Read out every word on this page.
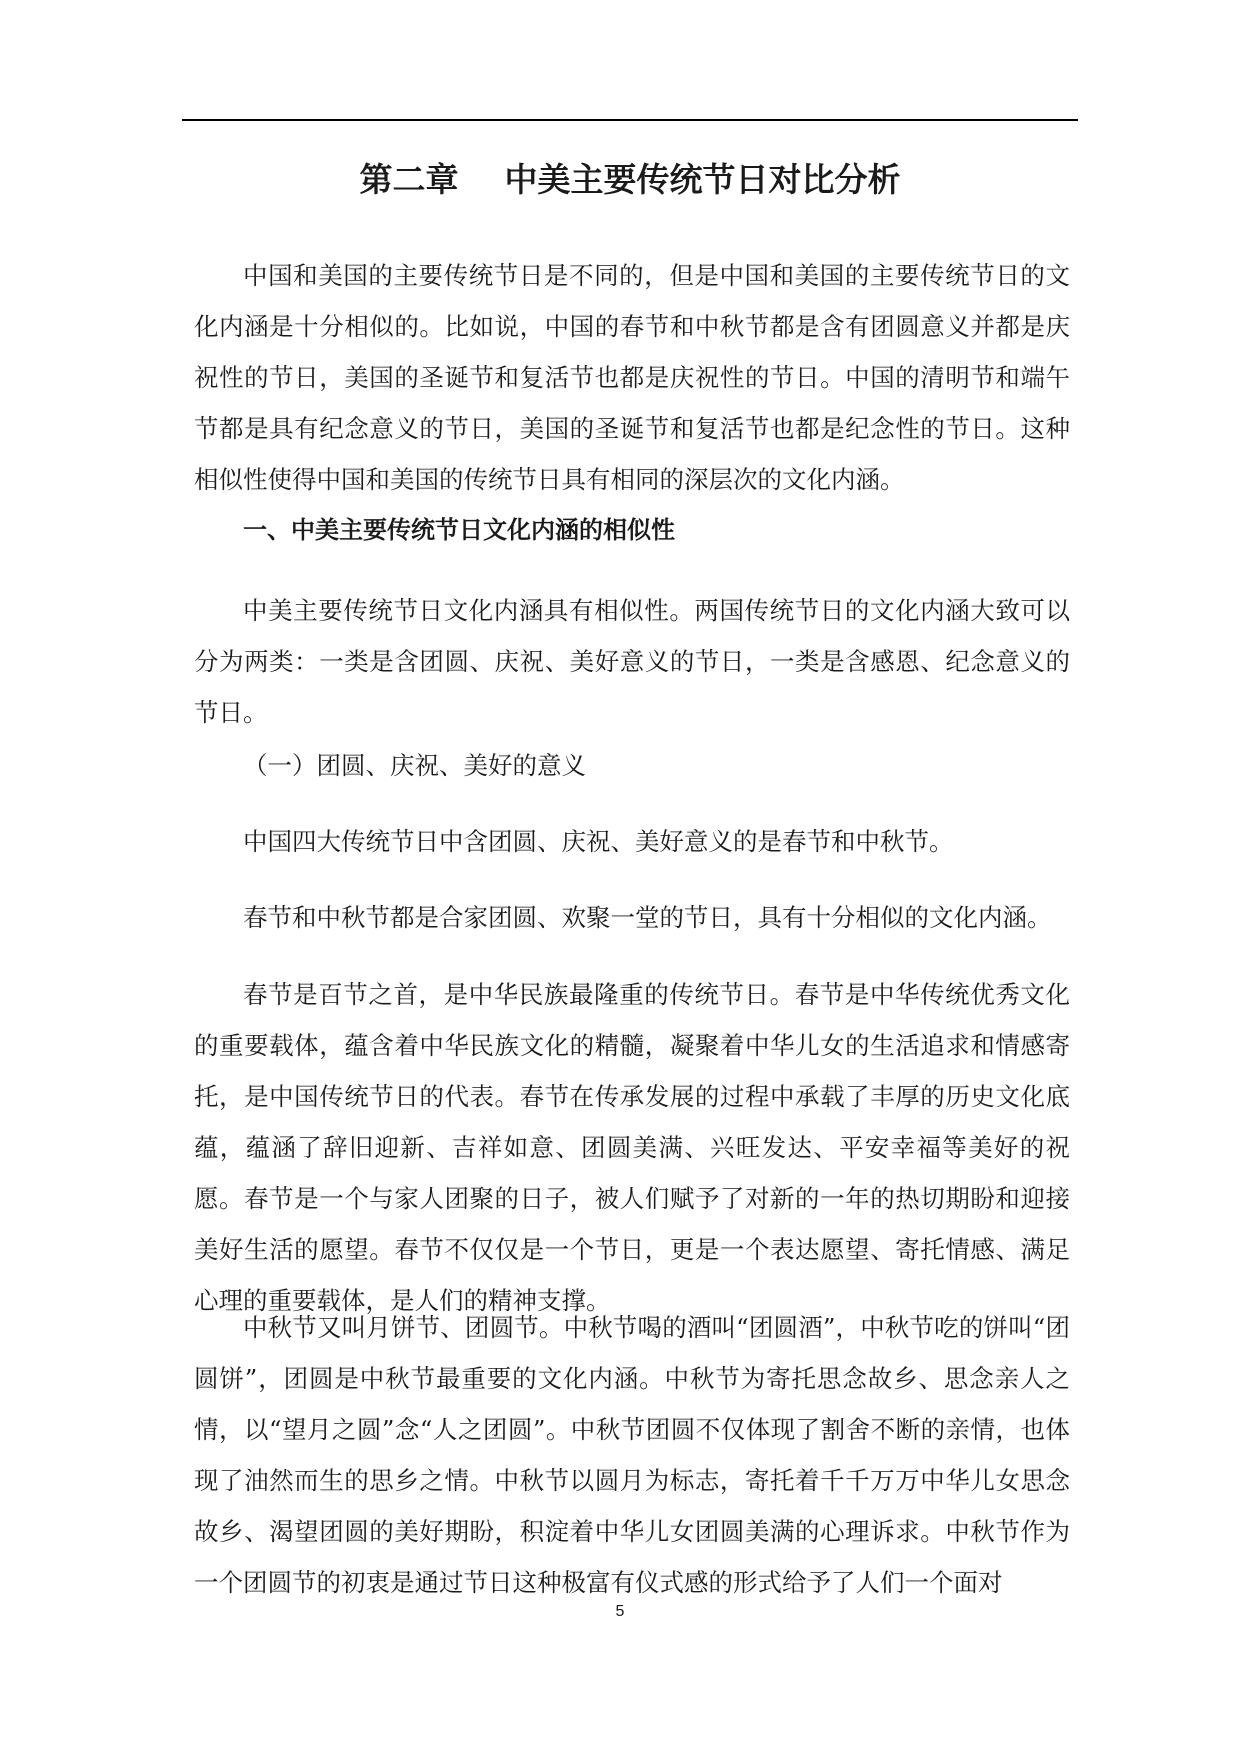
第二章    中美主要传统节日对比分析

中国和美国的主要传统节日是不同的，但是中国和美国的主要传统节日的文化内涵是十分相似的。比如说，中国的春节和中秋节都是含有团圆意义并都是庆祝性的节日，美国的圣诞节和复活节也都是庆祝性的节日。中国的清明节和端午节都是具有纪念意义的节日，美国的圣诞节和复活节也都是纪念性的节日。这种相似性使得中国和美国的传统节日具有相同的深层次的文化内涵。

一、中美主要传统节日文化内涵的相似性

中美主要传统节日文化内涵具有相似性。两国传统节日的文化内涵大致可以分为两类：一类是含团圆、庆祝、美好意义的节日，一类是含感恩、纪念意义的节日。

（一）团圆、庆祝、美好的意义

中国四大传统节日中含团圆、庆祝、美好意义的是春节和中秋节。

春节和中秋节都是合家团圆、欢聚一堂的节日，具有十分相似的文化内涵。

春节是百节之首，是中华民族最隆重的传统节日。春节是中华传统优秀文化的重要载体，蕴含着中华民族文化的精髓，凝聚着中华儿女的生活追求和情感寄托，是中国传统节日的代表。春节在传承发展的过程中承载了丰厚的历史文化底蕴，蕴涵了辞旧迎新、吉祥如意、团圆美满、兴旺发达、平安幸福等美好的祝愿。春节是一个与家人团聚的日子，被人们赋予了对新的一年的热切期盼和迎接美好生活的愿望。春节不仅仅是一个节日，更是一个表达愿望、寄托情感、满足心理的重要载体，是人们的精神支撑。

中秋节又叫月饼节、团圆节。中秋节喝的酒叫“团圆酒”，中秋节吃的饼叫“团圆饼”，团圆是中秋节最重要的文化内涵。中秋节为寄托思念故乡、思念亲人之情，以“望月之圆”念“人之团圆”。中秋节团圆不仅体现了割舍不断的亲情，也体现了油然而生的思乡之情。中秋节以圆月为标志，寄托着千千万万中华儿女思念故乡、渴望团圆的美好期盼，积淀着中华儿女团圆美满的心理诉求。中秋节作为一个团圆节的初衷是通过节日这种极富有仪式感的形式给予了人们一个面对

5
